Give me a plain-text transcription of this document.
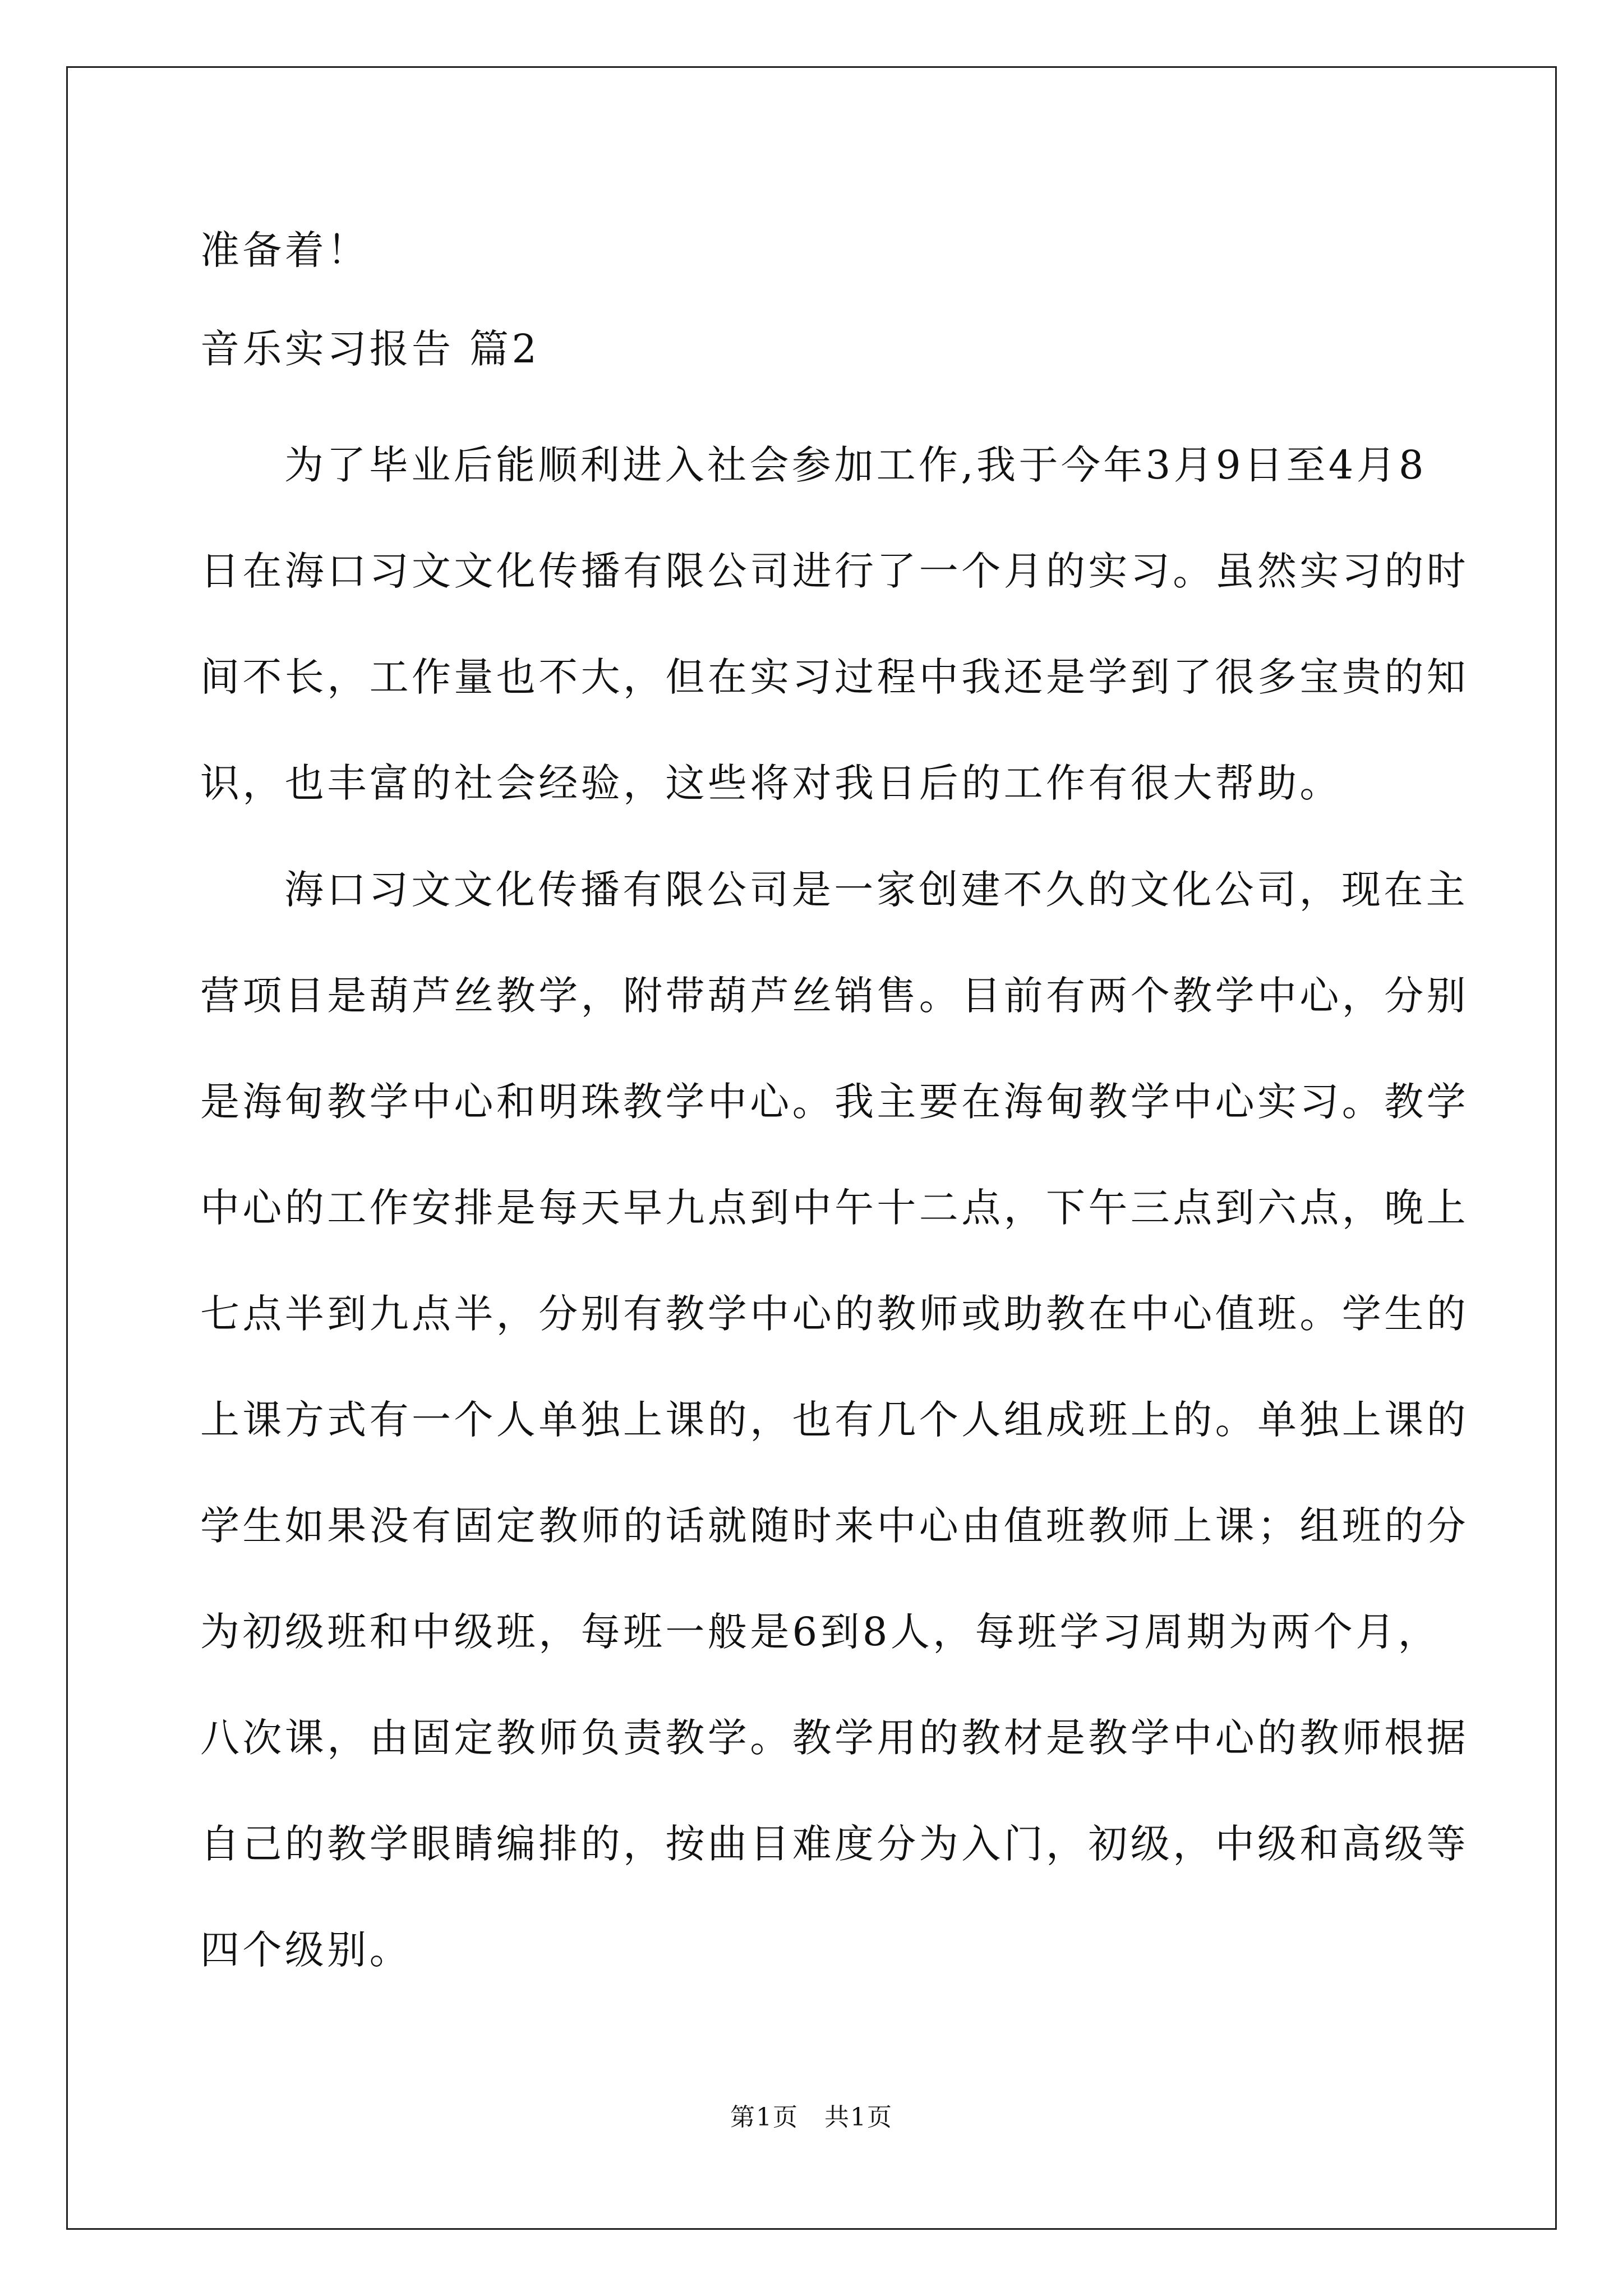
准备着！
音乐实习报告 篇2
为了毕业后能顺利进入社会参加工作,我于今年3月9日至4月8
日在海口习文文化传播有限公司进行了一个月的实习。虽然实习的时
间不长，工作量也不大，但在实习过程中我还是学到了很多宝贵的知
识，也丰富的社会经验，这些将对我日后的工作有很大帮助。
海口习文文化传播有限公司是一家创建不久的文化公司，现在主
营项目是葫芦丝教学，附带葫芦丝销售。目前有两个教学中心，分别
是海甸教学中心和明珠教学中心。我主要在海甸教学中心实习。教学
中心的工作安排是每天早九点到中午十二点，下午三点到六点，晚上
七点半到九点半，分别有教学中心的教师或助教在中心值班。学生的
上课方式有一个人单独上课的，也有几个人组成班上的。单独上课的
学生如果没有固定教师的话就随时来中心由值班教师上课；组班的分
为初级班和中级班，每班一般是6到8人，每班学习周期为两个月，
八次课，由固定教师负责教学。教学用的教材是教学中心的教师根据
自己的教学眼睛编排的，按曲目难度分为入门，初级，中级和高级等
四个级别。
第1页　共1页
